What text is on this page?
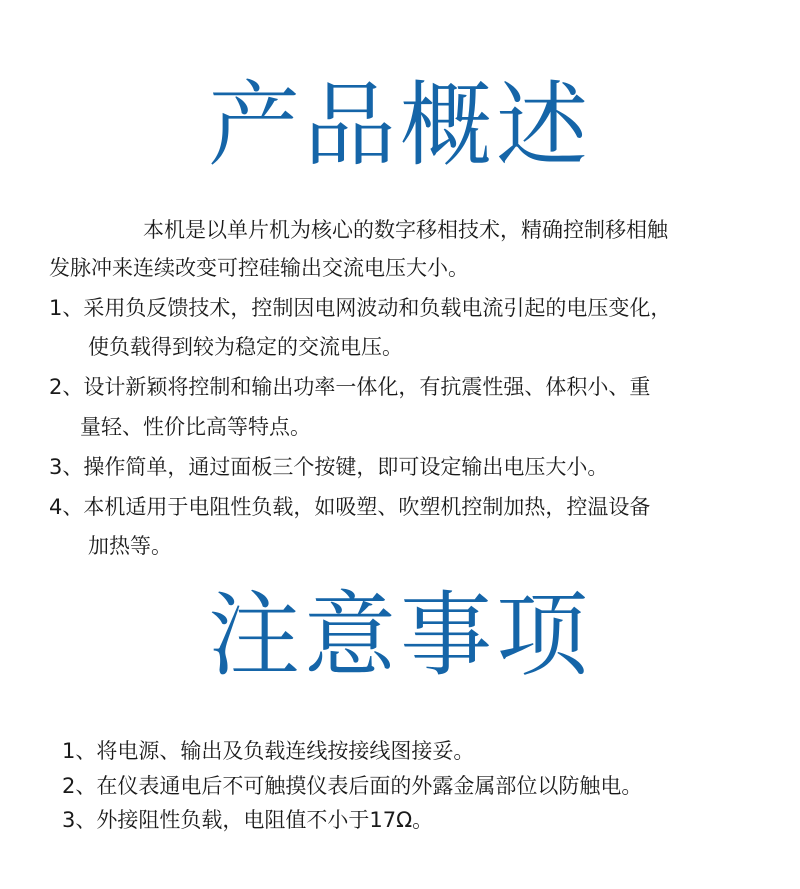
产品概述

本机是以单片机为核心的数字移相技术，精确控制移相触

发脉冲来连续改变可控硅输出交流电压大小。

1、采用负反馈技术，控制因电网波动和负载电流引起的电压变化，

使负载得到较为稳定的交流电压。

2、设计新颖将控制和输出功率一体化，有抗震性强、体积小、重

量轻、性价比高等特点。

3、操作简单，通过面板三个按键，即可设定输出电压大小。

4、本机适用于电阻性负载，如吸塑、吹塑机控制加热，控温设备

加热等。

注意事项

1、将电源、输出及负载连线按接线图接妥。

2、在仪表通电后不可触摸仪表后面的外露金属部位以防触电。

3、外接阻性负载，电阻值不小于17Ω。
